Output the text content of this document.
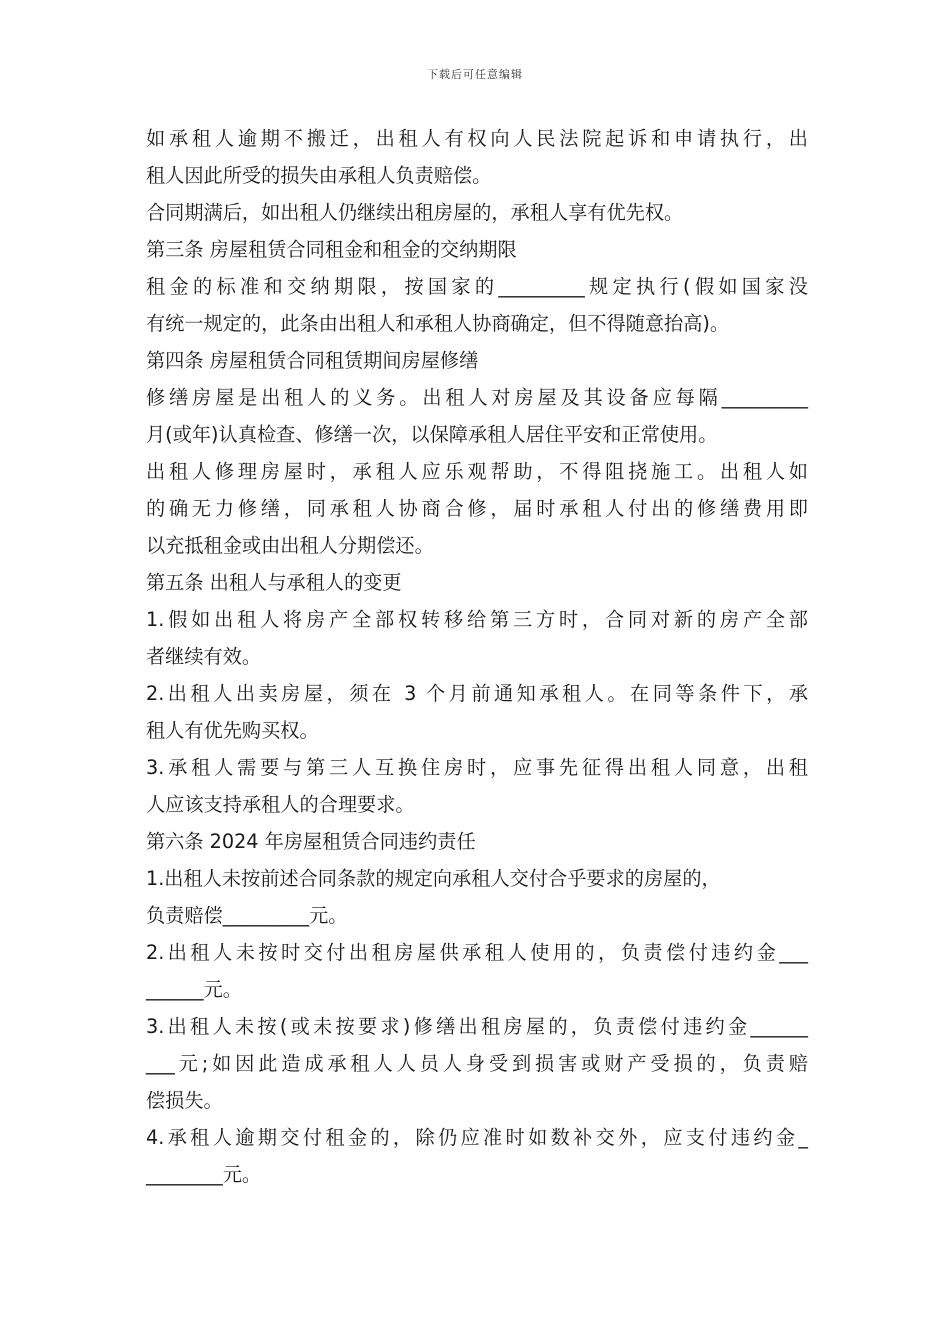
下载后可任意编辑
如承租人逾期不搬迁，出租人有权向人民法院起诉和申请执行，出
租人因此所受的损失由承租人负责赔偿。
合同期满后，如出租人仍继续出租房屋的，承租人享有优先权。
第三条 房屋租赁合同租金和租金的交纳期限
租金的标准和交纳期限，按国家的_________规定执行(假如国家没
有统一规定的，此条由出租人和承租人协商确定，但不得随意抬高)。
第四条 房屋租赁合同租赁期间房屋修缮
修缮房屋是出租人的义务。出租人对房屋及其设备应每隔_________
月(或年)认真检查、修缮一次，以保障承租人居住平安和正常使用。
出租人修理房屋时，承租人应乐观帮助，不得阻挠施工。出租人如
的确无力修缮，同承租人协商合修，届时承租人付出的修缮费用即
以充抵租金或由出租人分期偿还。
第五条 出租人与承租人的变更
1.假如出租人将房产全部权转移给第三方时，合同对新的房产全部
者继续有效。
2.出租人出卖房屋，须在 3 个月前通知承租人。在同等条件下，承
租人有优先购买权。
3.承租人需要与第三人互换住房时，应事先征得出租人同意，出租
人应该支持承租人的合理要求。
第六条 2024 年房屋租赁合同违约责任
1.出租人未按前述合同条款的规定向承租人交付合乎要求的房屋的，
负责赔偿_________元。
2.出租人未按时交付出租房屋供承租人使用的，负责偿付违约金___
______元。
3.出租人未按(或未按要求)修缮出租房屋的，负责偿付违约金______
___元;如因此造成承租人人员人身受到损害或财产受损的，负责赔
偿损失。
4.承租人逾期交付租金的，除仍应准时如数补交外，应支付违约金_
________元。
